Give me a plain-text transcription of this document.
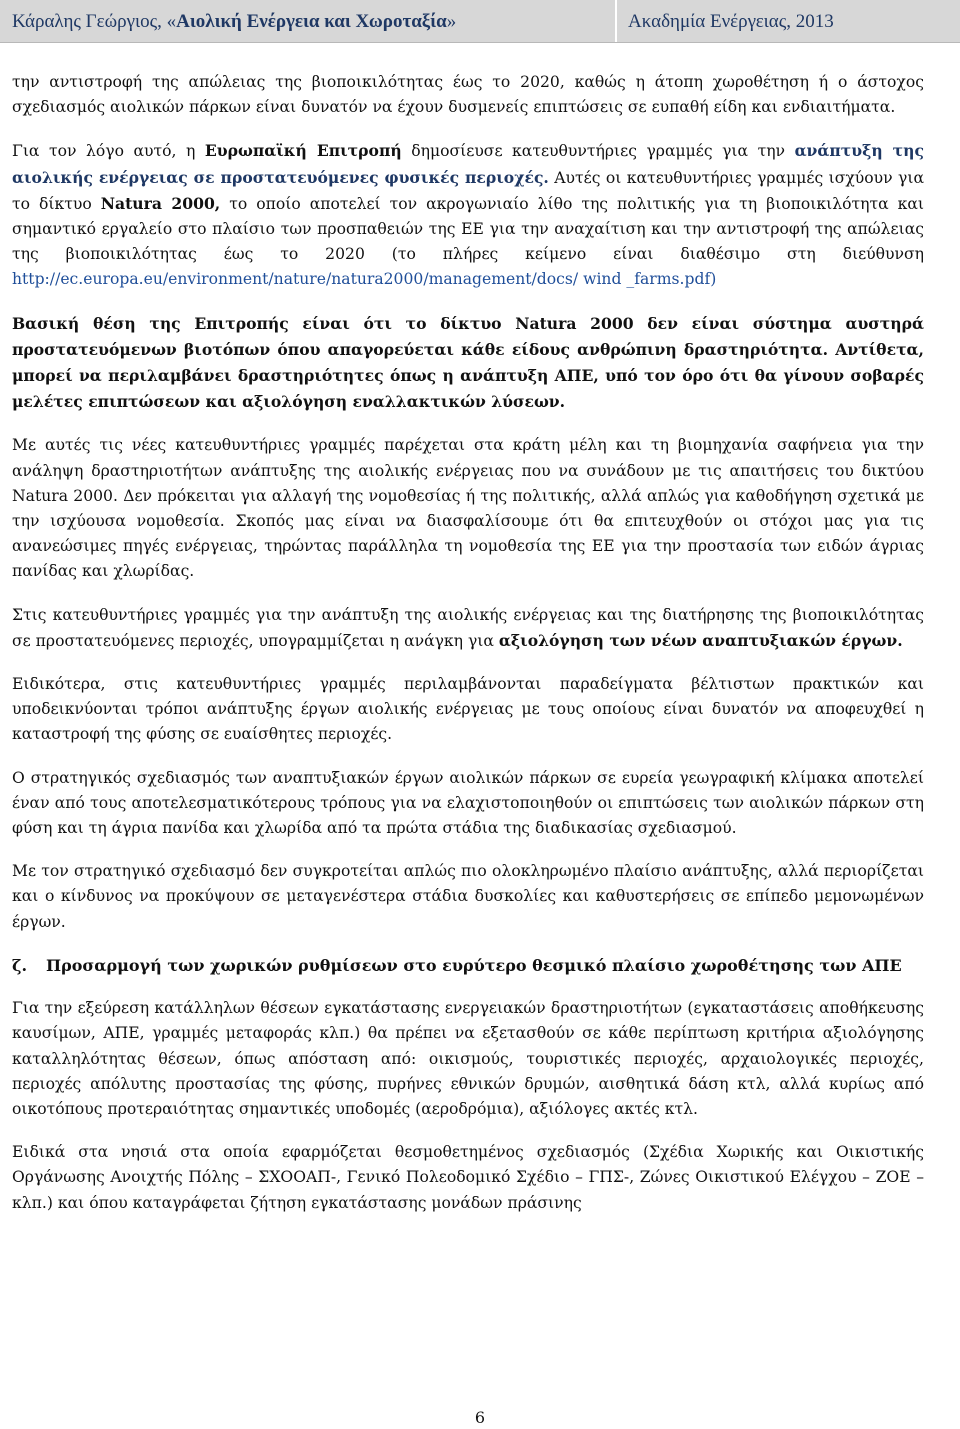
Κάραλης Γεώργιος, «Αιολική Ενέργεια και Χωροταξία»	Ακαδημία Ενέργειας, 2013

την αντιστροφή της απώλειας της βιοποικιλότητας έως το 2020, καθώς η άτοπη χωροθέτηση ή ο άστοχος σχεδιασμός αιολικών πάρκων είναι δυνατόν να έχουν δυσμενείς επιπτώσεις σε ευπαθή είδη και ενδιαιτήματα.

Για τον λόγο αυτό, η Ευρωπαϊκή Επιτροπή δημοσίευσε κατευθυντήριες γραμμές για την ανάπτυξη της αιολικής ενέργειας σε προστατευόμενες φυσικές περιοχές. Αυτές οι κατευθυντήριες γραμμές ισχύουν για το δίκτυο Natura 2000, το οποίο αποτελεί τον ακρογωνιαίο λίθο της πολιτικής για τη βιοποικιλότητα και σημαντικό εργαλείο στο πλαίσιο των προσπαθειών της ΕΕ για την αναχαίτιση και την αντιστροφή της απώλειας της βιοποικιλότητας έως το 2020 (το πλήρες κείμενο είναι διαθέσιμο στη διεύθυνση http://ec.europa.eu/environment/nature/natura2000/management/docs/ wind _farms.pdf)

Βασική θέση της Επιτροπής είναι ότι το δίκτυο Natura 2000 δεν είναι σύστημα αυστηρά προστατευόμενων βιοτόπων όπου απαγορεύεται κάθε είδους ανθρώπινη δραστηριότητα. Αντίθετα, μπορεί να περιλαμβάνει δραστηριότητες όπως η ανάπτυξη ΑΠΕ, υπό τον όρο ότι θα γίνουν σοβαρές μελέτες επιπτώσεων και αξιολόγηση εναλλακτικών λύσεων.

Με αυτές τις νέες κατευθυντήριες γραμμές παρέχεται στα κράτη μέλη και τη βιομηχανία σαφήνεια για την ανάληψη δραστηριοτήτων ανάπτυξης της αιολικής ενέργειας που να συνάδουν με τις απαιτήσεις του δικτύου Natura 2000. Δεν πρόκειται για αλλαγή της νομοθεσίας ή της πολιτικής, αλλά απλώς για καθοδήγηση σχετικά με την ισχύουσα νομοθεσία. Σκοπός μας είναι να διασφαλίσουμε ότι θα επιτευχθούν οι στόχοι μας για τις ανανεώσιμες πηγές ενέργειας, τηρώντας παράλληλα τη νομοθεσία της ΕΕ για την προστασία των ειδών άγριας πανίδας και χλωρίδας.

Στις κατευθυντήριες γραμμές για την ανάπτυξη της αιολικής ενέργειας και της διατήρησης της βιοποικιλότητας σε προστατευόμενες περιοχές, υπογραμμίζεται η ανάγκη για αξιολόγηση των νέων αναπτυξιακών έργων.

Ειδικότερα, στις κατευθυντήριες γραμμές περιλαμβάνονται παραδείγματα βέλτιστων πρακτικών και υποδεικνύονται τρόποι ανάπτυξης έργων αιολικής ενέργειας με τους οποίους είναι δυνατόν να αποφευχθεί η καταστροφή της φύσης σε ευαίσθητες περιοχές.

Ο στρατηγικός σχεδιασμός των αναπτυξιακών έργων αιολικών πάρκων σε ευρεία γεωγραφική κλίμακα αποτελεί έναν από τους αποτελεσματικότερους τρόπους για να ελαχιστοποιηθούν οι επιπτώσεις των αιολικών πάρκων στη φύση και τη άγρια πανίδα και χλωρίδα από τα πρώτα στάδια της διαδικασίας σχεδιασμού.

Με τον στρατηγικό σχεδιασμό δεν συγκροτείται απλώς πιο ολοκληρωμένο πλαίσιο ανάπτυξης, αλλά περιορίζεται και ο κίνδυνος να προκύψουν σε μεταγενέστερα στάδια δυσκολίες και καθυστερήσεις σε επίπεδο μεμονωμένων έργων.

ζ. Προσαρμογή των χωρικών ρυθμίσεων στο ευρύτερο θεσμικό πλαίσιο χωροθέτησης των ΑΠΕ

Για την εξεύρεση κατάλληλων θέσεων εγκατάστασης ενεργειακών δραστηριοτήτων (εγκαταστάσεις αποθήκευσης καυσίμων, ΑΠΕ, γραμμές μεταφοράς κλπ.) θα πρέπει να εξετασθούν σε κάθε περίπτωση κριτήρια αξιολόγησης καταλληλότητας θέσεων, όπως απόσταση από: οικισμούς, τουριστικές περιοχές, αρχαιολογικές περιοχές, περιοχές απόλυτης προστασίας της φύσης, πυρήνες εθνικών δρυμών, αισθητικά δάση κτλ, αλλά κυρίως από οικοτόπους προτεραιότητας σημαντικές υποδομές (αεροδρόμια), αξιόλογες ακτές κτλ.

Ειδικά στα νησιά στα οποία εφαρμόζεται θεσμοθετημένος σχεδιασμός (Σχέδια Χωρικής και Οικιστικής Οργάνωσης Ανοιχτής Πόλης – ΣΧΟΟΑΠ-, Γενικό Πολεοδομικό Σχέδιο – ΓΠΣ-, Ζώνες Οικιστικού Ελέγχου – ΖΟΕ – κλπ.) και όπου καταγράφεται ζήτηση εγκατάστασης μονάδων πράσινης

6
